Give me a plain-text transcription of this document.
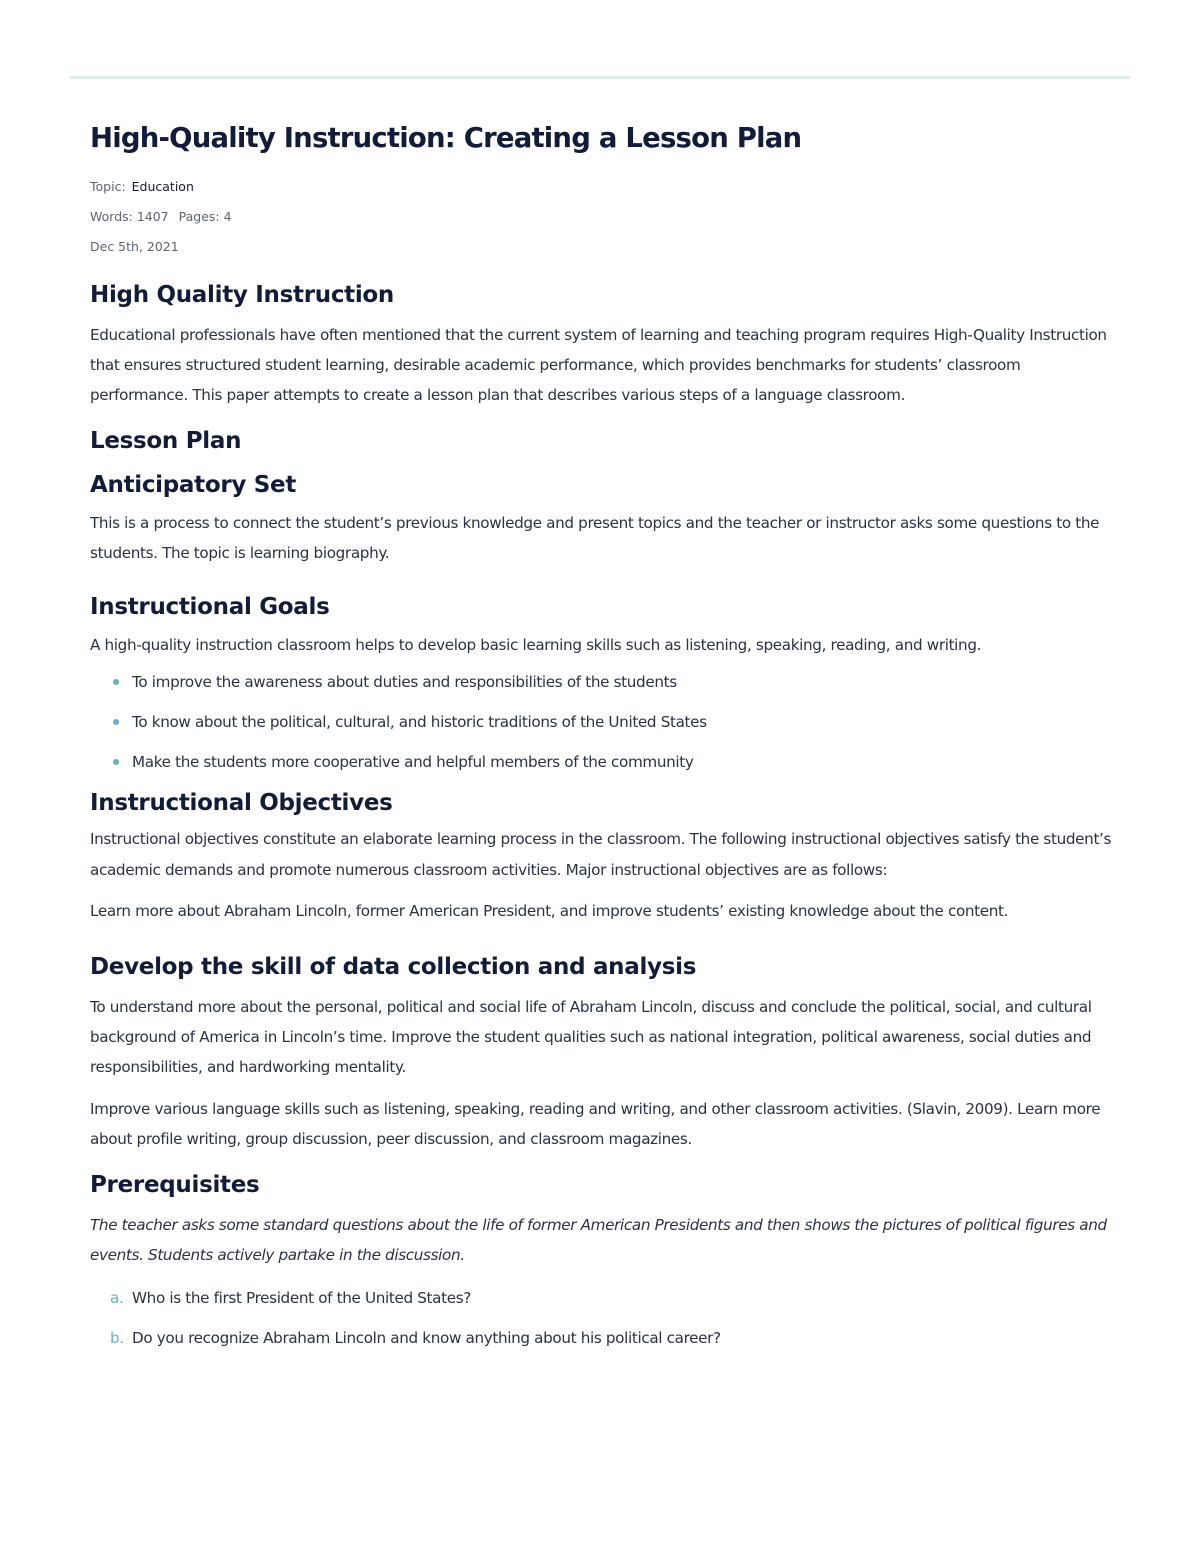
High-Quality Instruction: Creating a Lesson Plan
Topic: Education
Words: 1407 Pages: 4
Dec 5th, 2021
High Quality Instruction

Educational professionals have often mentioned that the current system of learning and teaching program requires High-Quality Instruction that ensures structured student learning, desirable academic performance, which provides benchmarks for students’ classroom performance. This paper attempts to create a lesson plan that describes various steps of a language classroom.

Lesson Plan
Anticipatory Set

This is a process to connect the student’s previous knowledge and present topics and the teacher or instructor asks some questions to the students. The topic is learning biography.

Instructional Goals

A high-quality instruction classroom helps to develop basic learning skills such as listening, speaking, reading, and writing.

To improve the awareness about duties and responsibilities of the students
To know about the political, cultural, and historic traditions of the United States
Make the students more cooperative and helpful members of the community
Instructional Objectives

Instructional objectives constitute an elaborate learning process in the classroom. The following instructional objectives satisfy the student’s academic demands and promote numerous classroom activities. Major instructional objectives are as follows:

Learn more about Abraham Lincoln, former American President, and improve students’ existing knowledge about the content.

Develop the skill of data collection and analysis

To understand more about the personal, political and social life of Abraham Lincoln, discuss and conclude the political, social, and cultural background of America in Lincoln’s time. Improve the student qualities such as national integration, political awareness, social duties and responsibilities, and hardworking mentality.

Improve various language skills such as listening, speaking, reading and writing, and other classroom activities. (Slavin, 2009). Learn more about profile writing, group discussion, peer discussion, and classroom magazines.

Prerequisites

The teacher asks some standard questions about the life of former American Presidents and then shows the pictures of political figures and events. Students actively partake in the discussion.

a. Who is the first President of the United States?
b. Do you recognize Abraham Lincoln and know anything about his political career?
